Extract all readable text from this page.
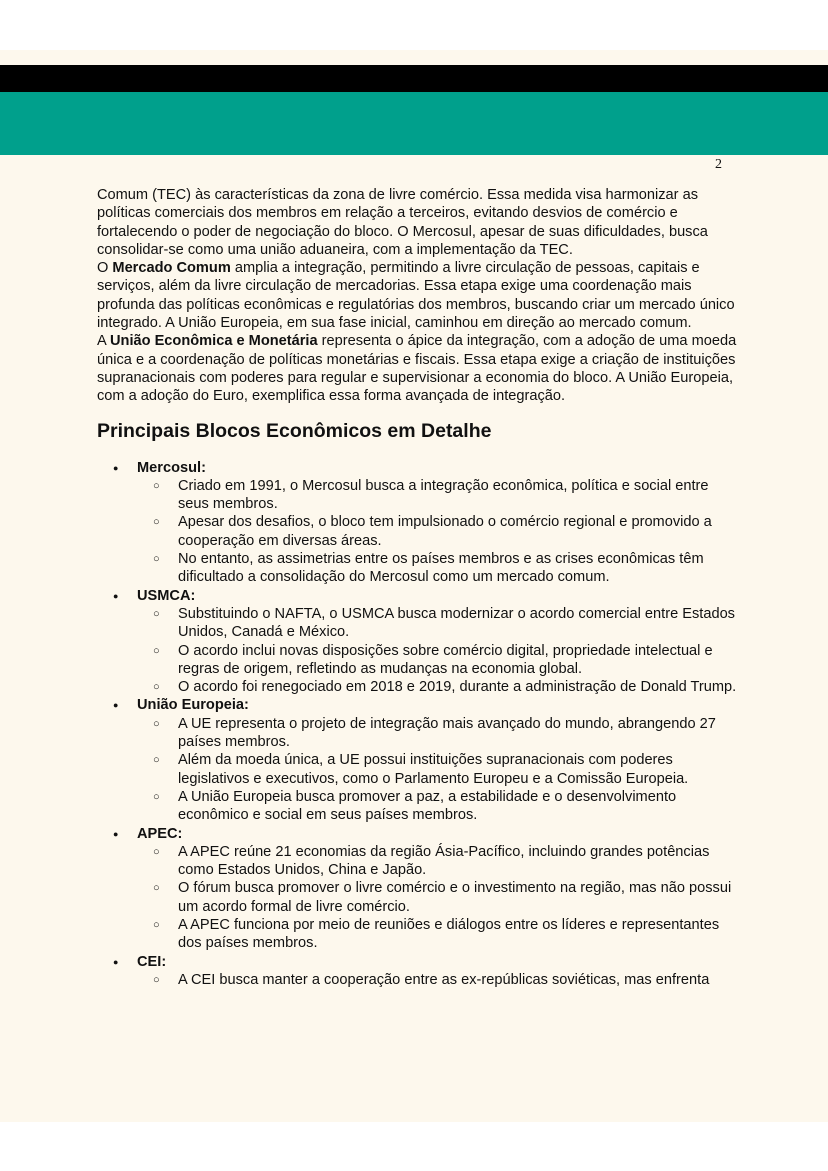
2

Comum (TEC) às características da zona de livre comércio. Essa medida visa harmonizar as políticas comerciais dos membros em relação a terceiros, evitando desvios de comércio e fortalecendo o poder de negociação do bloco. O Mercosul, apesar de suas dificuldades, busca consolidar-se como uma união aduaneira, com a implementação da TEC.

O Mercado Comum amplia a integração, permitindo a livre circulação de pessoas, capitais e serviços, além da livre circulação de mercadorias. Essa etapa exige uma coordenação mais profunda das políticas econômicas e regulatórias dos membros, buscando criar um mercado único integrado. A União Europeia, em sua fase inicial, caminhou em direção ao mercado comum.

A União Econômica e Monetária representa o ápice da integração, com a adoção de uma moeda única e a coordenação de políticas monetárias e fiscais. Essa etapa exige a criação de instituições supranacionais com poderes para regular e supervisionar a economia do bloco. A União Europeia, com a adoção do Euro, exemplifica essa forma avançada de integração.

Principais Blocos Econômicos em Detalhe
● Mercosul:
○ Criado em 1991, o Mercosul busca a integração econômica, política e social entre seus membros.
○ Apesar dos desafios, o bloco tem impulsionado o comércio regional e promovido a cooperação em diversas áreas.
○ No entanto, as assimetrias entre os países membros e as crises econômicas têm dificultado a consolidação do Mercosul como um mercado comum.
● USMCA:
○ Substituindo o NAFTA, o USMCA busca modernizar o acordo comercial entre Estados Unidos, Canadá e México.
○ O acordo inclui novas disposições sobre comércio digital, propriedade intelectual e regras de origem, refletindo as mudanças na economia global.
○ O acordo foi renegociado em 2018 e 2019, durante a administração de Donald Trump.
● União Europeia:
○ A UE representa o projeto de integração mais avançado do mundo, abrangendo 27 países membros.
○ Além da moeda única, a UE possui instituições supranacionais com poderes legislativos e executivos, como o Parlamento Europeu e a Comissão Europeia.
○ A União Europeia busca promover a paz, a estabilidade e o desenvolvimento econômico e social em seus países membros.
● APEC:
○ A APEC reúne 21 economias da região Ásia-Pacífico, incluindo grandes potências como Estados Unidos, China e Japão.
○ O fórum busca promover o livre comércio e o investimento na região, mas não possui um acordo formal de livre comércio.
○ A APEC funciona por meio de reuniões e diálogos entre os líderes e representantes dos países membros.
● CEI:
○ A CEI busca manter a cooperação entre as ex-repúblicas soviéticas, mas enfrenta
